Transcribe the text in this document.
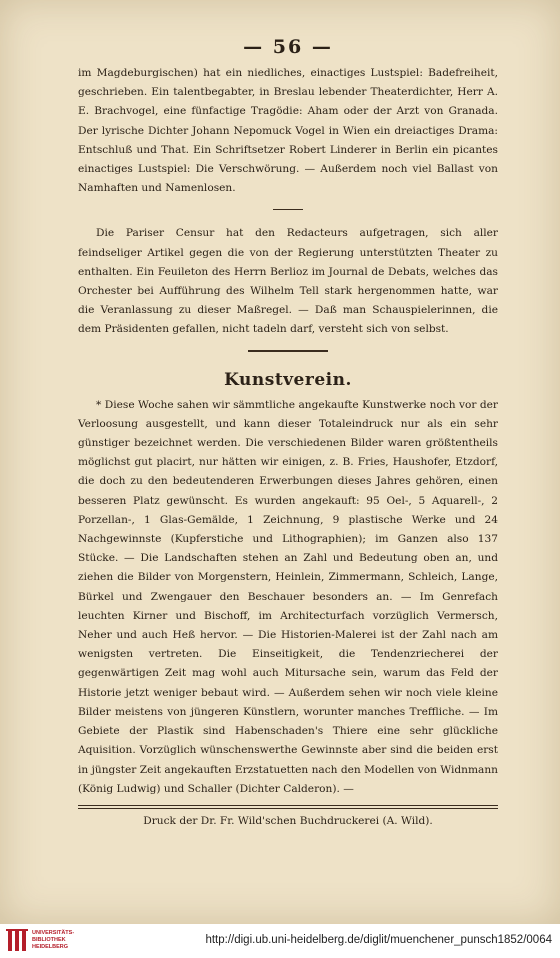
— 56 —

im Magdeburgischen) hat ein niedliches, einactiges Lustspiel: Badefreiheit, geschrieben. Ein talentbegabter, in Breslau lebender Theaterdichter, Herr A. E. Brachvogel, eine fünfactige Tragödie: Aham oder der Arzt von Granada. Der lyrische Dichter Johann Nepomuck Vogel in Wien ein dreiactiges Drama: Entschluß und That. Ein Schriftsetzer Robert Linderer in Berlin ein picantes einactiges Lustspiel: Die Verschwörung. — Außerdem noch viel Ballast von Namhaften und Namenlosen.

Die Pariser Censur hat den Redacteurs aufgetragen, sich aller feindseliger Artikel gegen die von der Regierung unterstützten Theater zu enthalten. Ein Feuileton des Herrn Berlioz im Journal de Debats, welches das Orchester bei Aufführung des Wilhelm Tell stark hergenommen hatte, war die Veranlassung zu dieser Maßregel. — Daß man Schauspielerinnen, die dem Präsidenten gefallen, nicht tadeln darf, versteht sich von selbst.

Kunstverein.

* Diese Woche sahen wir sämmtliche angekaufte Kunstwerke noch vor der Verloosung ausgestellt, und kann dieser Totaleindruck nur als ein sehr günstiger bezeichnet werden. Die verschiedenen Bilder waren größtentheils möglichst gut placirt, nur hätten wir einigen, z. B. Fries, Haushofer, Etzdorf, die doch zu den bedeutenderen Erwerbungen dieses Jahres gehören, einen besseren Platz gewünscht. Es wurden angekauft: 95 Oel-, 5 Aquarell-, 2 Porzellan-, 1 Glas-Gemälde, 1 Zeichnung, 9 plastische Werke und 24 Nachgewinnste (Kupferstiche und Lithographien); im Ganzen also 137 Stücke. — Die Landschaften stehen an Zahl und Bedeutung oben an, und ziehen die Bilder von Morgenstern, Heinlein, Zimmermann, Schleich, Lange, Bürkel und Zwengauer den Beschauer besonders an. — Im Genrefach leuchten Kirner und Bischoff, im Architecturfach vorzüglich Vermersch, Neher und auch Heß hervor. — Die Historien-Malerei ist der Zahl nach am wenigsten vertreten. Die Einseitigkeit, die Tendenzriecherei der gegenwärtigen Zeit mag wohl auch Mitursache sein, warum das Feld der Historie jetzt weniger bebaut wird. — Außerdem sehen wir noch viele kleine Bilder meistens von jüngeren Künstlern, worunter manches Treffliche. — Im Gebiete der Plastik sind Habenschaden's Thiere eine sehr glückliche Aquisition. Vorzüglich wünschenswerthe Gewinnste aber sind die beiden erst in jüngster Zeit angekauften Erzstatuetten nach den Modellen von Widnmann (König Ludwig) und Schaller (Dichter Calderon). —

Druck der Dr. Fr. Wild'schen Buchdruckerei (A. Wild).
UNIVERSITÄTS-
BIBLIOTHEK
HEIDELBERG
http://digi.ub.uni-heidelberg.de/diglit/muenchener_punsch1852/0064
